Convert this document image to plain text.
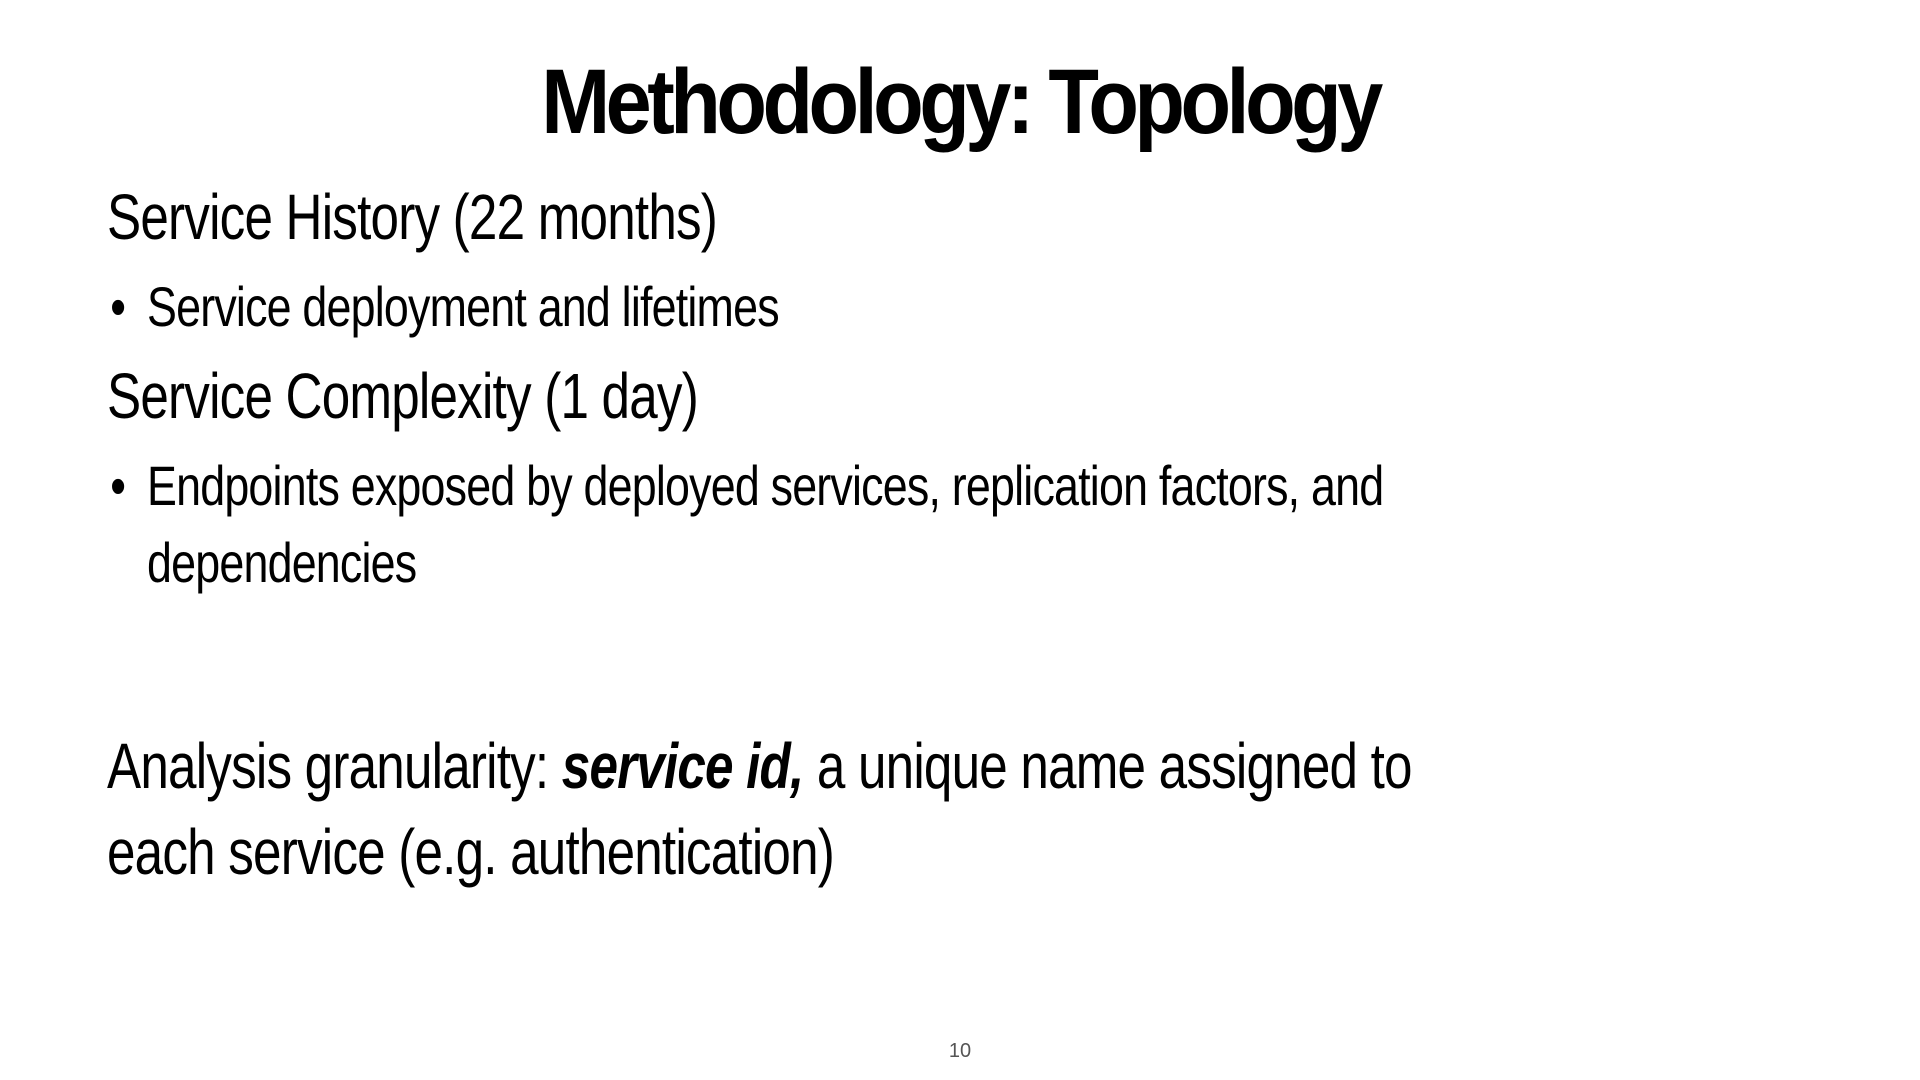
Methodology: Topology

Service History (22 months)

• Service deployment and lifetimes

Service Complexity (1 day)

• Endpoints exposed by deployed services, replication factors, and dependencies

Analysis granularity: service id, a unique name assigned to each service (e.g. authentication)

10
